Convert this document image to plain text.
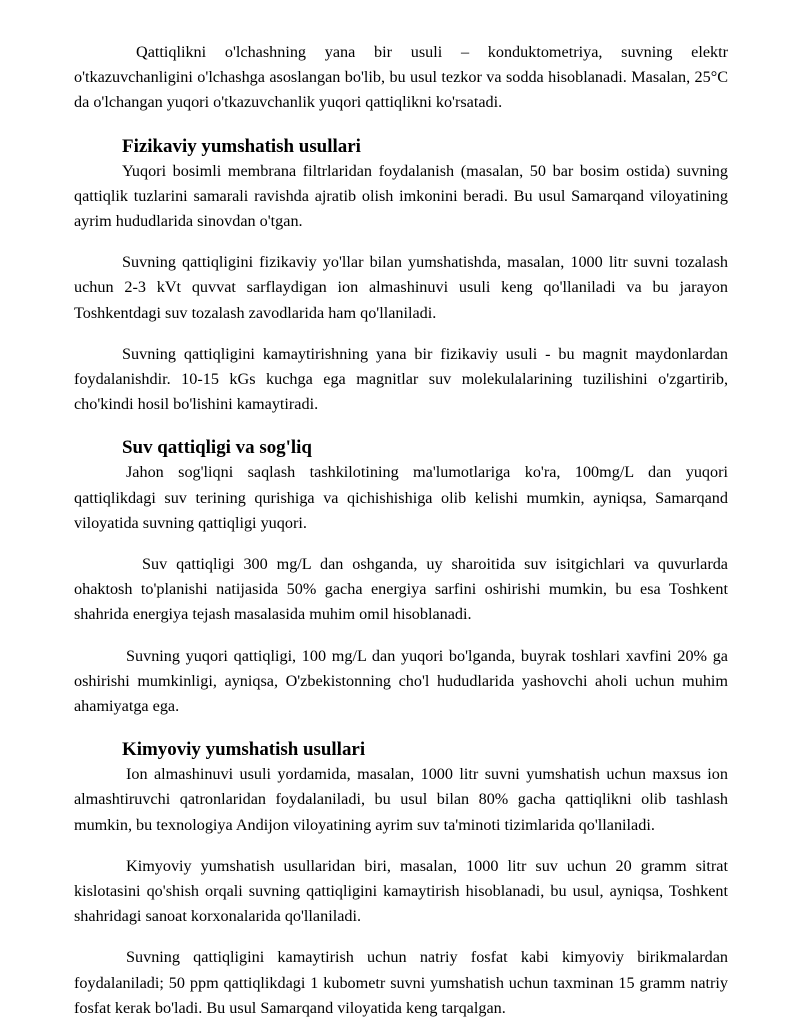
Qattiqlikni o'lchashning yana bir usuli – konduktometriya, suvning elektr o'tkazuvchanligini o'lchashga asoslangan bo'lib, bu usul tezkor va sodda hisoblanadi. Masalan, 25°C da o'lchangan yuqori o'tkazuvchanlik yuqori qattiqlikni ko'rsatadi.

Fizikaviy yumshatish usullari

Yuqori bosimli membrana filtrlaridan foydalanish (masalan, 50 bar bosim ostida) suvning qattiqlik tuzlarini samarali ravishda ajratib olish imkonini beradi. Bu usul Samarqand viloyatining ayrim hududlarida sinovdan o'tgan.

Suvning qattiqligini fizikaviy yo'llar bilan yumshatishda, masalan, 1000 litr suvni tozalash uchun 2-3 kVt quvvat sarflaydigan ion almashinuvi usuli keng qo'llaniladi va bu jarayon Toshkentdagi suv tozalash zavodlarida ham qo'llaniladi.

Suvning qattiqligini kamaytirishning yana bir fizikaviy usuli - bu magnit maydonlardan foydalanishdir. 10-15 kGs kuchga ega magnitlar suv molekulalarining tuzilishini o'zgartirib, cho'kindi hosil bo'lishini kamaytiradi.

Suv qattiqligi va sog'liq

Jahon sog'liqni saqlash tashkilotining ma'lumotlariga ko'ra, 100mg/L dan yuqori qattiqlikdagi suv terining qurishiga va qichishishiga olib kelishi mumkin, ayniqsa, Samarqand viloyatida suvning qattiqligi yuqori.

Suv qattiqligi 300 mg/L dan oshganda, uy sharoitida suv isitgichlari va quvurlarda ohaktosh to'planishi natijasida 50% gacha energiya sarfini oshirishi mumkin, bu esa Toshkent shahrida energiya tejash masalasida muhim omil hisoblanadi.

Suvning yuqori qattiqligi, 100 mg/L dan yuqori bo'lganda, buyrak toshlari xavfini 20% ga oshirishi mumkinligi, ayniqsa, O'zbekistonning cho'l hududlarida yashovchi aholi uchun muhim ahamiyatga ega.

Kimyoviy yumshatish usullari

Ion almashinuvi usuli yordamida, masalan, 1000 litr suvni yumshatish uchun maxsus ion almashtiruvchi qatronlaridan foydalaniladi, bu usul bilan 80% gacha qattiqlikni olib tashlash mumkin, bu texnologiya Andijon viloyatining ayrim suv ta'minoti tizimlarida qo'llaniladi.

Kimyoviy yumshatish usullaridan biri, masalan, 1000 litr suv uchun 20 gramm sitrat kislotasini qo'shish orqali suvning qattiqligini kamaytirish hisoblanadi, bu usul, ayniqsa, Toshkent shahridagi sanoat korxonalarida qo'llaniladi.

Suvning qattiqligini kamaytirish uchun natriy fosfat kabi kimyoviy birikmalardan foydalaniladi; 50 ppm qattiqlikdagi 1 kubometr suvni yumshatish uchun taxminan 15 gramm natriy fosfat kerak bo'ladi. Bu usul Samarqand viloyatida keng tarqalgan.
